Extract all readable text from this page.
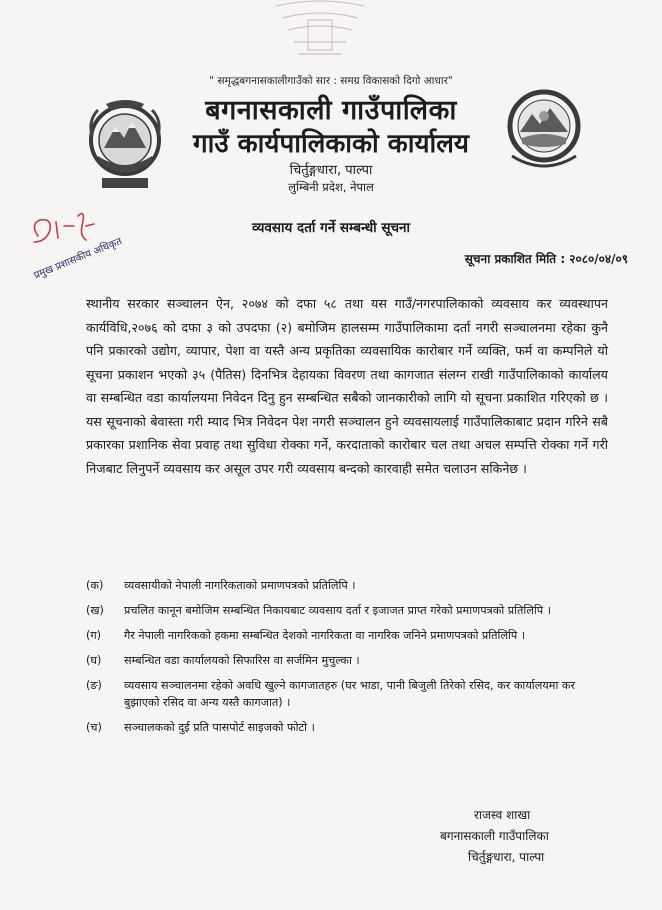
" समृद्धबगनासकालीगाउँको सार : समग्र विकासको दिगो आधार"
बगनासकाली गाउँपालिका
गाउँ कार्यपालिकाको कार्यालय
चिर्तुङ्गधारा, पाल्पा
लुम्बिनी प्रदेश, नेपाल
प्रमुख प्रशासकीय अधिकृत
व्यवसाय दर्ता गर्ने सम्बन्धी सूचना
सूचना प्रकाशित मिति : २०८०/०४/०९
स्थानीय सरकार सञ्चालन ऐन, २०७४ को दफा ५८ तथा यस गाउँ/नगरपालिकाको व्यवसाय कर व्यवस्थापन कार्यविधि,२०७६ को दफा ३ को उपदफा (२) बमोजिम हालसम्म गाउँपालिकामा दर्ता नगरी सञ्चालनमा रहेका कुनै पनि प्रकारको उद्योग, व्यापार, पेशा वा यस्तै अन्य प्रकृतिका व्यवसायिक कारोबार गर्ने व्यक्ति, फर्म वा कम्पनिले यो सूचना प्रकाशन भएको ३५ (पैतिस) दिनभित्र देहायका विवरण तथा कागजात संलग्न राखी गाउँपालिकाको कार्यालय वा सम्बन्धित वडा कार्यालयमा निवेदन दिनु हुन सम्बन्धित सबैको जानकारीको लागि यो सूचना प्रकाशित गरिएको छ । यस सूचनाको बेवास्ता गरी म्याद भित्र निवेदन पेश नगरी सञ्चालन हुने व्यवसायलाई गाउँपालिकाबाट प्रदान गरिने सबै प्रकारका प्रशानिक सेवा प्रवाह तथा सुविधा रोक्का गर्ने, करदाताको कारोबार चल तथा अचल सम्पत्ति रोक्का गर्ने गरी निजबाट लिनुपर्ने व्यवसाय कर असूल उपर गरी व्यवसाय बन्दको कारवाही समेत चलाउन सकिनेछ ।
(क)	व्यवसायीको नेपाली नागरिकताको प्रमाणपत्रको प्रतिलिपि ।
(ख)	प्रचलित कानून बमोजिम सम्बन्धित निकायबाट व्यवसाय दर्ता र इजाजत प्राप्त गरेको प्रमाणपत्रको प्रतिलिपि ।
(ग)	गैर नेपाली नागरिकको हकमा सम्बन्धित देशको नागरिकता वा नागरिक जनिने प्रमाणपत्रको प्रतिलिपि ।
(घ)	सम्बन्धित वडा कार्यालयको सिफारिस वा सर्जमिन मुचुल्का ।
(ङ)	व्यवसाय सञ्चालनमा रहेको अवधि खुल्ने कागजातहरु (घर भाडा, पानी बिजुली तिरेको रसिद, कर कार्यालयमा कर बुझाएको रसिद वा अन्य यस्तै कागजात) ।
(च)	सञ्चालकको दुई प्रति पासपोर्ट साइजको फोटो ।
राजस्व शाखा
बगनासकाली गाउँपालिका
चिर्तुङ्गधारा, पाल्पा
